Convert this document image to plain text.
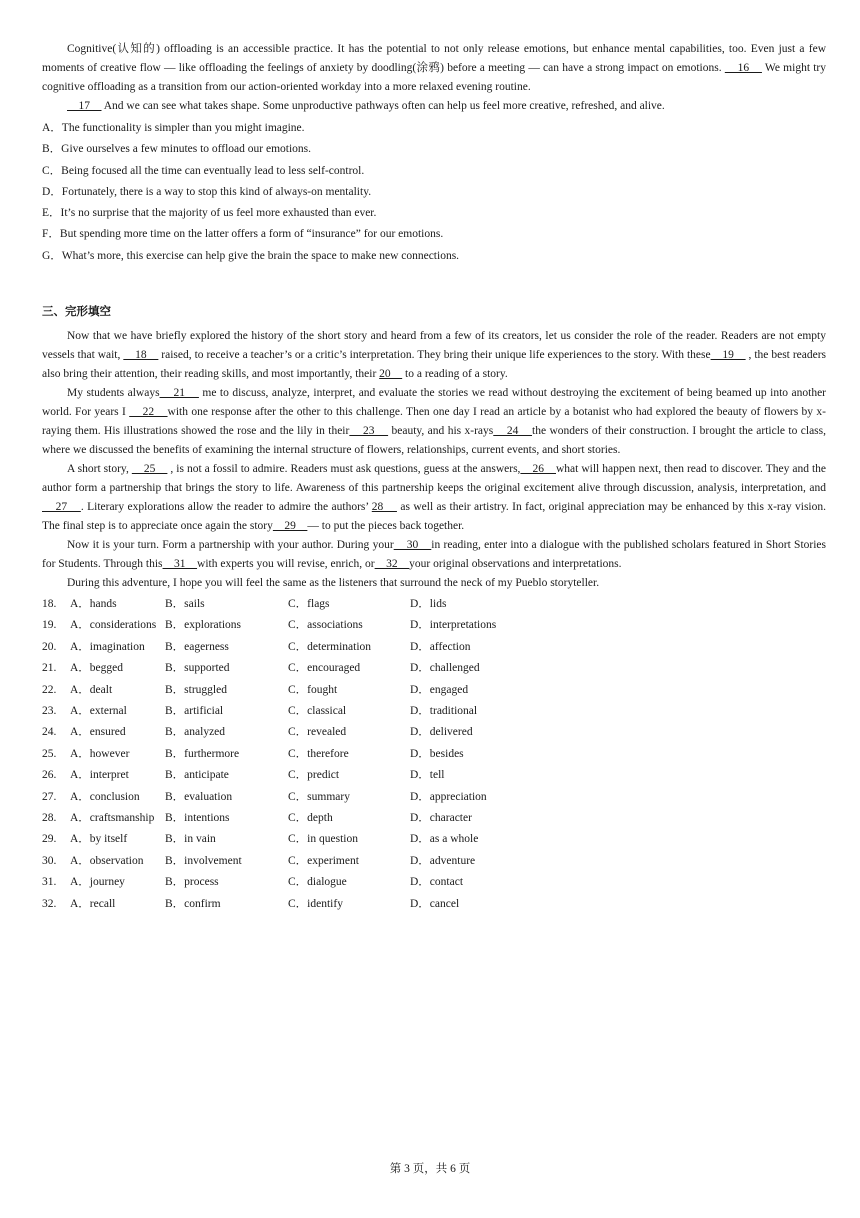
Cognitive(认知的) offloading is an accessible practice. It has the potential to not only release emotions, but enhance mental capabilities, too. Even just a few moments of creative flow — like offloading the feelings of anxiety by doodling(涂鸦) before a meeting — can have a strong impact on emotions.     16     We might try cognitive offloading as a transition from our action-oriented workday into a more relaxed evening routine.

17     And we can see what takes shape. Some unproductive pathways often can help us feel more creative, refreshed, and alive.

A．The functionality is simpler than you might imagine.

B．Give ourselves a few minutes to offload our emotions.

C．Being focused all the time can eventually lead to less self-control.

D．Fortunately, there is a way to stop this kind of always-on mentality.

E．It’s no surprise that the majority of us feel more exhausted than ever.

F．But spending more time on the latter offers a form of “insurance” for our emotions.

G．What’s more, this exercise can help give the brain the space to make new connections.

三、完形填空

Now that we have briefly explored the history of the short story and heard from a few of its creators, let us consider the role of the reader. Readers are not empty vessels that wait,     18     raised, to receive a teacher’s or a critic’s interpretation. They bring their unique life experiences to the story. With these    19     , the best readers also bring their attention, their reading skills, and most importantly, their 20     to a reading of a story.

My students always    21     me to discuss, analyze, interpret, and evaluate the stories we read without destroying the excitement of being beamed up into another world. For years I     22    with one response after the other to this challenge. Then one day I read an article by a botanist who had explored the beauty of flowers by x-raying them. His illustrations showed the rose and the lily in their    23     beauty, and his x-rays    24    the wonders of their construction. I brought the article to class, where we discussed the benefits of examining the internal structure of flowers, relationships, current events, and short stories.

A short story,     25     , is not a fossil to admire. Readers must ask questions, guess at the answers,    26    what will happen next, then read to discover. They and the author form a partnership that brings the story to life. Awareness of this partnership keeps the original excitement alive through discussion, analysis, interpretation, and     27    . Literary explorations allow the reader to admire the authors’ 28     as well as their artistry. In fact, original appreciation may be enhanced by this x-ray vision. The final step is to appreciate once again the story    29    — to put the pieces back together.

Now it is your turn. Form a partnership with your author. During your    30    in reading, enter into a dialogue with the published scholars featured in Short Stories for Students. Through this    31    with experts you will revise, enrich, or    32    your original observations and interpretations.

During this adventure, I hope you will feel the same as the listeners that surround the neck of my Pueblo storyteller.

18. A．hands	B．sails	C．flags	D．lids
19. A．considerations B．explorations	C．associations	D．interpretations
20. A．imagination B．eagerness	C．determination	D．affection
21. A．begged	B．supported	C．encouraged	D．challenged
22. A．dealt	B．struggled	C．fought	D．engaged
23. A．external	B．artificial	C．classical	D．traditional
24. A．ensured	B．analyzed	C．revealed	D．delivered
25. A．however	B．furthermore	C．therefore	D．besides
26. A．interpret	B．anticipate	C．predict	D．tell
27. A．conclusion B．evaluation	C．summary	D．appreciation
28. A．craftsmanship B．intentions	C．depth	D．character
29. A．by itself	B．in vain	C．in question	D．as a whole
30. A．observation B．involvement	C．experiment	D．adventure
31. A．journey	B．process	C．dialogue	D．contact
32. A．recall	B．confirm	C．identify	D．cancel
第 3 页，共 6 页
